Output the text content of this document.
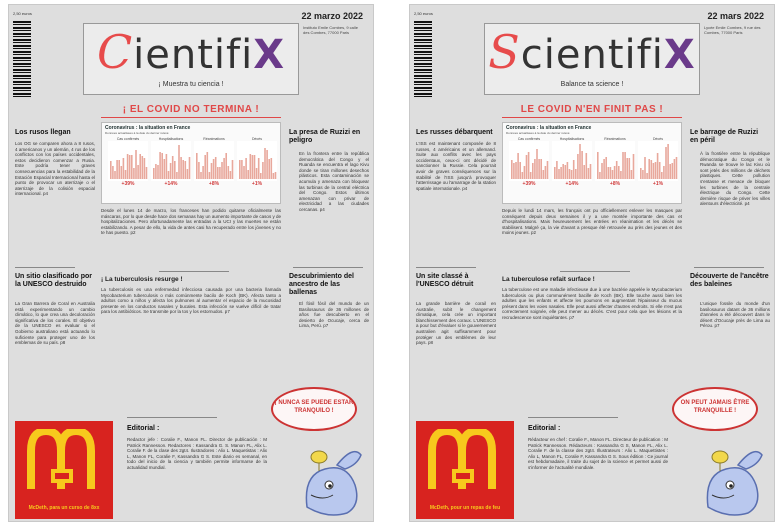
2,50 euros
CientifiX
¡ Muestra tu ciencia !
22 marzo 2022
Instituto Emile Combes, 9 calle des Combes, 77000 Paris
¡ EL COVID NO TERMINA !
Coronavirus : la situation en France
Données actualisées à la date du dernier relevé
Cas confirmés
+39%
Hospitalisations
+14%
Réanimations
+8%
Décès
+1%
Los rusos llegan
Los OG se comparen ahora a 8 rusos, 4 americanos y un alemán, 4 rus de los conflictos con los países occidentales, estos decidieron comenzar a Rusia. Este podría tener graves consecuencias para la estabilidad de la Estación Espacial Internacional hasta el punto de provocar un aterrizaje o el aterrizaje de la colisión espacial internacional. p4
Un sitio clasificado por la UNESCO destruido
La Gran Barrera de Coral en Australia está experimentando un cambio climático, lo que crea una decoloración significativa de los corales. El objetivo de la UNESCO es evaluar si el Gobierno australiano está actuando lo suficiente para proteger uno de los emblemas de su país. p8
Desde el lunes 14 de marzo, los franceses han podido quitarse oficialmente las máscaras, por lo que desde hace dos semanas hay un aumento importante de casos y de hospitalizaciones. Pero afortunadamente las entradas a la UCI y las muertes se están estabilizando. A pesar de ello, la vida de antes casi ha recuperado entre los jóvenes y no te has puesto. p2
¡ La tuberculosis resurge !
La tuberculosis es una enfermedad infecciosa causada por una bacteria llamada Mycobacterium tuberculosis o más comúnmente bacilo de Koch (BK). Afecta tanto a adultos como a niños y afecta los pulmones al aumentar el espacio de la mucosidad presente en los conductos nasales y bucales. Esta infección se vuelve difícil de tratar para los antibióticos. Se transmite por la tos y los estornudos. p7
La presa de Ruzizi en peligro
En la frontera entre la república democrática del Congo y el Ruanda se encuentra el lago Kivu donde se tiran millones desechos plásticos. Esta contaminación se acumula y amenaza con bloquear las turbinas de la central eléctrica del Congo. Estos últimos amenazan con privar de electricidad a las ciudades cercanas. p4
Descubrimiento del ancestro de las ballenas
El fósil fósil del mundo de un Basilosaurus de 36 millones de años fue descubierto en el desierto de Ocucaje, cerca de Lima, Perú. p7
¡ NUNCA SE PUEDE ESTAR TRANQUILO !
Editorial :
Redactor jefe : Coralie F., Manon FL. Director de publicación : M Patrick Rannesson. Redactores : Kassandra G. S. Manon FL, Alix L. Coralie F. de la clase des 2gt4. Ilustradores : Alix L. Maquetistas : Alix L, Manon FL, Coralie F, Kassandra G S. Este diario es semanal, en todo del inicio de la ciencia y también permite informarse de la actualidad mundial.
McDeth, para un curso de 8xx
2,50 euros
ScientifiX
Balance ta science !
22 mars 2022
Lycée Emile Combes, 9 rue des Combes, 77000 Paris
LE COVID N'EN FINIT PAS !
Coronavirus : la situation en France
Données actualisées à la date du dernier relevé
Cas confirmés
+39%
Hospitalisations
+14%
Réanimations
+8%
Décès
+1%
Les russes débarquent
L'ISS est maintenant composée de 8 russes, 4 américains et un allemand. Suite aux conflits avec les pays occidentaux, ceux-ci ont décidé de sanctionner la Russie. Cela pourrait avoir de graves conséquences sur la stabilité de l'ISS jusqu'à provoquer l'atterrissage ou l'amarrage de la station spatiale internationale. p4
Un site classé à l'UNESCO détruit
La grande barrière de corail en Australie, subit le changement climatique, cela crée un important blanchissement des coraux. L'UNESCO a pour but d'évaluer si le gouvernement australien agit suffisamment pour protéger un des emblèmes de leur pays. p8
Depuis le lundi 14 mars, les français ont pu officiellement enlever les masques par conséquent depuis deux semaines il y a une montée importante des cas et d'hospitalisations. Mais heureusement les entrées en réanimation et les décès se stabilisent. Malgré ça, la vie d'avant a presque été retrouvée au près des jeunes et des moins jeunes. p2
La tuberculose refait surface !
La tuberculose est une maladie infectieuse due à une bactérie appelée le Mycobacterium tuberculosis ou plus communément bacille de Koch (BK). Elle touche aussi bien les adultes que les enfants et affecte les poumons en augmentant l'épaisseur du mucus présent dans les voies nasales. Elle peut aussi affecter d'autres endroits. Si elle n'est pas correctement soignée, elle peut mener au décès. C'est pour cela que les lésions et la recrudescence sont inquiétantes. p7
Le barrage de Ruzizi en péril
À la frontière entre la république démocratique du Congo et le Rwanda se trouve le lac Kivu où sont jetés des millions de déchets plastiques. Cette pollution s'entasse et menace de bloquer les turbines de la centrale électrique du Congo. Cette dernière risque de priver les villes alentours d'électricité. p4
Découverte de l'ancêtre des baleines
L'unique fossile du monde d'un basilosaurus datant de 36 millions d'années a été découvert dans le désert d'Ocucaje près de Lima au Pérou. p7
ON PEUT JAMAIS ÊTRE TRANQUILLE !
Editorial :
Rédacteur en chef : Coralie F., Manon FL. Directeur de publication : M Patrick Rannesson. Rédacteurs : Kassandra G S, Manon FL, Alix L. Coralie F. de la classe des 2gt4. Illustrateurs : Alix L. Maquettistes : Alix L, Manon FL, Coralie F, Kassandra G S. Sous édition : Ce journal est hebdomadaire, il traite du sujet de la science et permet aussi de s'informer de l'actualité mondiale.
McDeth, pour un repas de feu
